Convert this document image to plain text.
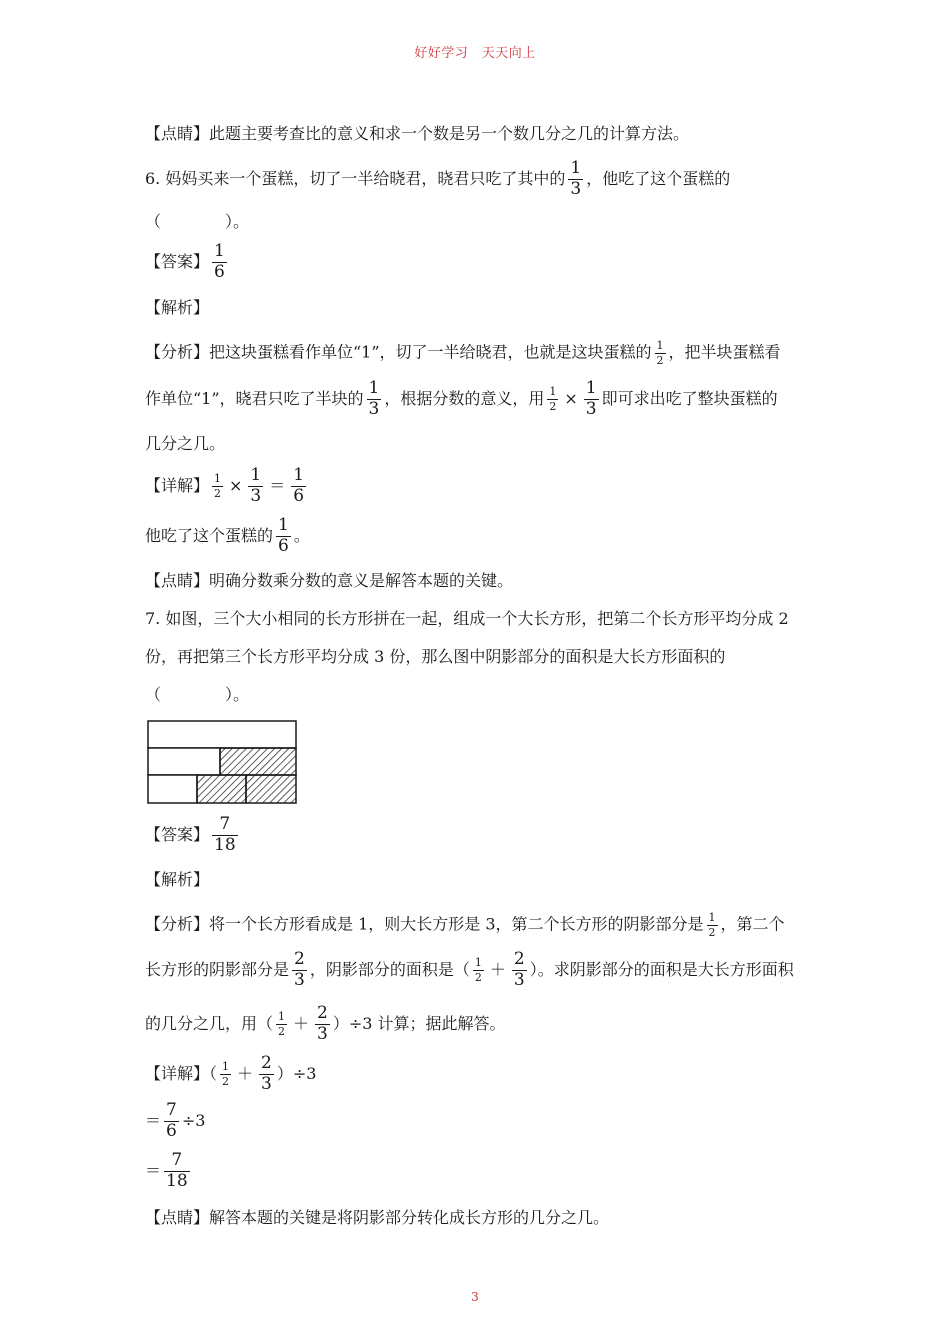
好好学习　天天向上
【点睛】此题主要考查比的意义和求一个数是另一个数几分之几的计算方法。
6. 妈妈买来一个蛋糕，切了一半给晓君，晓君只吃了其中的 $\frac{1}{3}$ ，他吃了这个蛋糕的
（　　　　）。
【答案】 $\frac{1}{6}$
【解析】
【分析】把这块蛋糕看作单位“1”，切了一半给晓君，也就是这块蛋糕的 $\frac{1}{2}$ ，把半块蛋糕看
作单位“1”，晓君只吃了半块的 $\frac{1}{3}$ ，根据分数的意义，用 $\frac{1}{2} \times \frac{1}{3}$ 即可求出吃了整块蛋糕的
几分之几。
【详解】 $\frac{1}{2} \times \frac{1}{3} = \frac{1}{6}$
他吃了这个蛋糕的 $\frac{1}{6}$ 。
【点睛】明确分数乘分数的意义是解答本题的关键。
7. 如图，三个大小相同的长方形拼在一起，组成一个大长方形，把第二个长方形平均分成 2
份，再把第三个长方形平均分成 3 份，那么图中阴影部分的面积是大长方形面积的
（　　　　）。
【答案】 $\frac{7}{18}$
【解析】
【分析】将一个长方形看成是 1，则大长方形是 3，第二个长方形的阴影部分是 $\frac{1}{2}$ ，第二个
长方形的阴影部分是 $\frac{2}{3}$ ，阴影部分的面积是（ $\frac{1}{2} + \frac{2}{3}$ ）。求阴影部分的面积是大长方形面积
的几分之几，用（ $\frac{1}{2} + \frac{2}{3} )\div 3$ 计算；据此解答。
【详解】（ $\frac{1}{2} + \frac{2}{3} )\div 3$
＝ $\frac{7}{6} \div 3$
＝ $\frac{7}{18}$
【点睛】解答本题的关键是将阴影部分转化成长方形的几分之几。
3
